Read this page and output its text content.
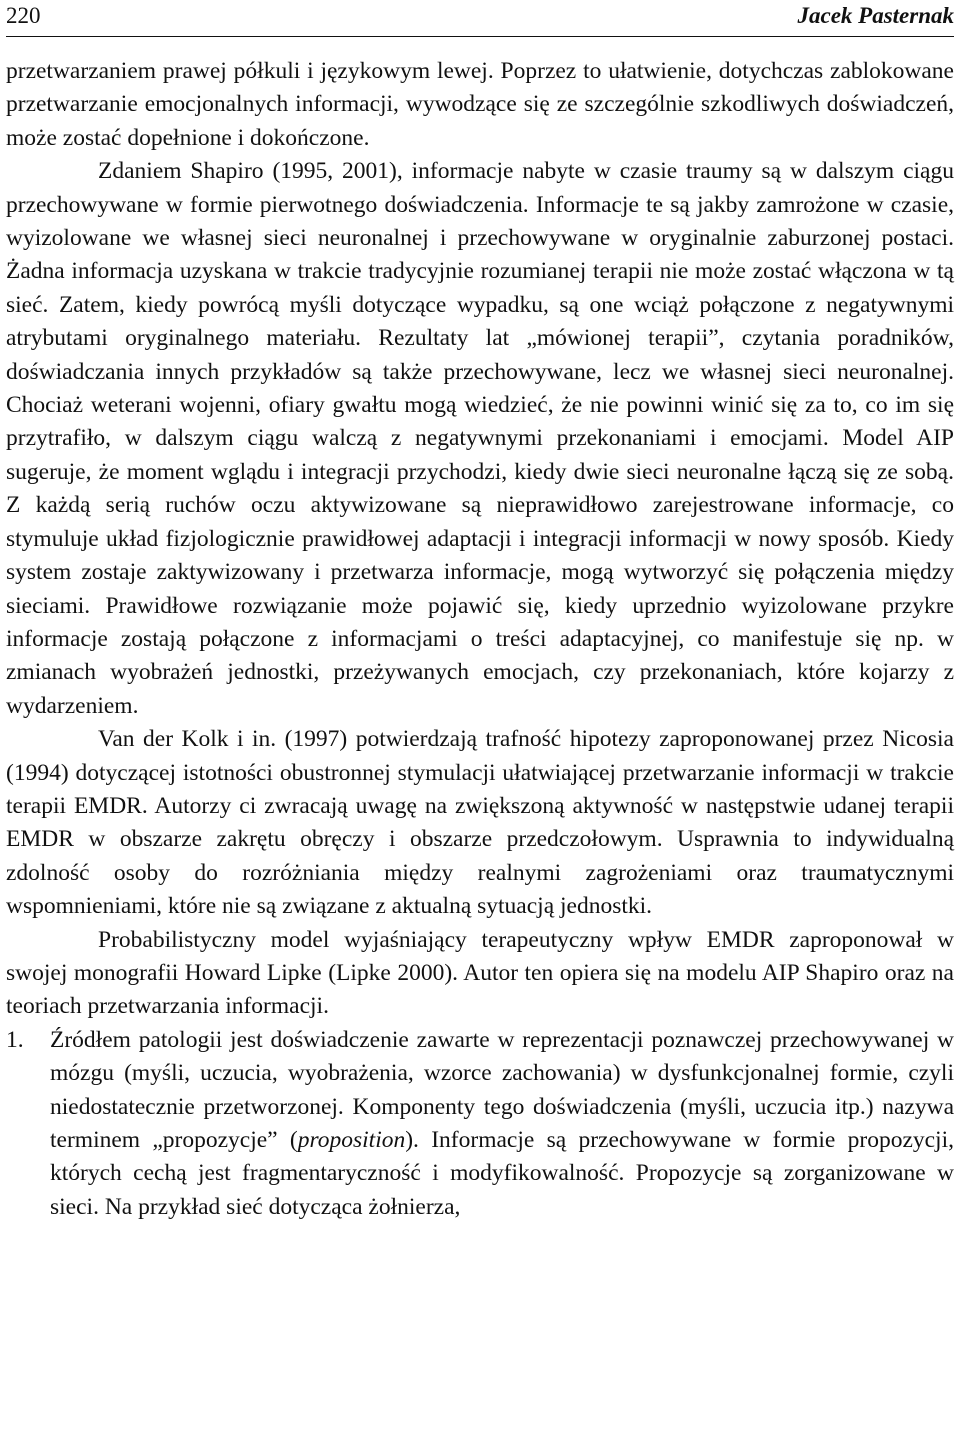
220	Jacek Pasternak

przetwarzaniem prawej półkuli i językowym lewej. Poprzez to ułatwienie, dotychczas zablokowane przetwarzanie emocjonalnych informacji, wywodzące się ze szczególnie szkodliwych doświadczeń, może zostać dopełnione i dokończone.

Zdaniem Shapiro (1995, 2001), informacje nabyte w czasie traumy są w dalszym ciągu przechowywane w formie pierwotnego doświadczenia. Informacje te są jakby zamrożone w czasie, wyizolowane we własnej sieci neuronalnej i przechowywane w oryginalnie zaburzonej postaci. Żadna informacja uzyskana w trakcie tradycyjnie rozumianej terapii nie może zostać włączona w tą sieć. Zatem, kiedy powrócą myśli dotyczące wypadku, są one wciąż połączone z negatywnymi atrybutami oryginalnego materiału. Rezultaty lat „mówionej terapii”, czytania poradników, doświadczania innych przykładów są także przechowywane, lecz we własnej sieci neuronalnej. Chociaż weterani wojenni, ofiary gwałtu mogą wiedzieć, że nie powinni winić się za to, co im się przytrafiło, w dalszym ciągu walczą z negatywnymi przekonaniami i emocjami. Model AIP sugeruje, że moment wglądu i integracji przychodzi, kiedy dwie sieci neuronalne łączą się ze sobą. Z każdą serią ruchów oczu aktywizowane są nieprawidłowo zarejestrowane informacje, co stymuluje układ fizjologicznie prawidłowej adaptacji i integracji informacji w nowy sposób. Kiedy system zostaje zaktywizowany i przetwarza informacje, mogą wytworzyć się połączenia między sieciami. Prawidłowe rozwiązanie może pojawić się, kiedy uprzednio wyizolowane przykre informacje zostają połączone z informacjami o treści adaptacyjnej, co manifestuje się np. w zmianach wyobrażeń jednostki, przeżywanych emocjach, czy przekonaniach, które kojarzy z wydarzeniem.

Van der Kolk i in. (1997) potwierdzają trafność hipotezy zaproponowanej przez Nicosia (1994) dotyczącej istotności obustronnej stymulacji ułatwiającej przetwarzanie informacji w trakcie terapii EMDR. Autorzy ci zwracają uwagę na zwiększoną aktywność w następstwie udanej terapii EMDR w obszarze zakrętu obręczy i obszarze przedczołowym. Usprawnia to indywidualną zdolność osoby do rozróżniania między realnymi zagrożeniami oraz traumatycznymi wspomnieniami, które nie są związane z aktualną sytuacją jednostki.

Probabilistyczny model wyjaśniający terapeutyczny wpływ EMDR zaproponował w swojej monografii Howard Lipke (Lipke 2000). Autor ten opiera się na modelu AIP Shapiro oraz na teoriach przetwarzania informacji.

1.	Źródłem patologii jest doświadczenie zawarte w reprezentacji poznawczej przechowywanej w mózgu (myśli, uczucia, wyobrażenia, wzorce zachowania) w dysfunkcjonalnej formie, czyli niedostatecznie przetworzonej. Komponenty tego doświadczenia (myśli, uczucia itp.) nazywa terminem „propozycje” (proposition). Informacje są przechowywane w formie propozycji, których cechą jest fragmentaryczność i modyfikowalność. Propozycje są zorganizowane w sieci. Na przykład sieć dotycząca żołnierza,
